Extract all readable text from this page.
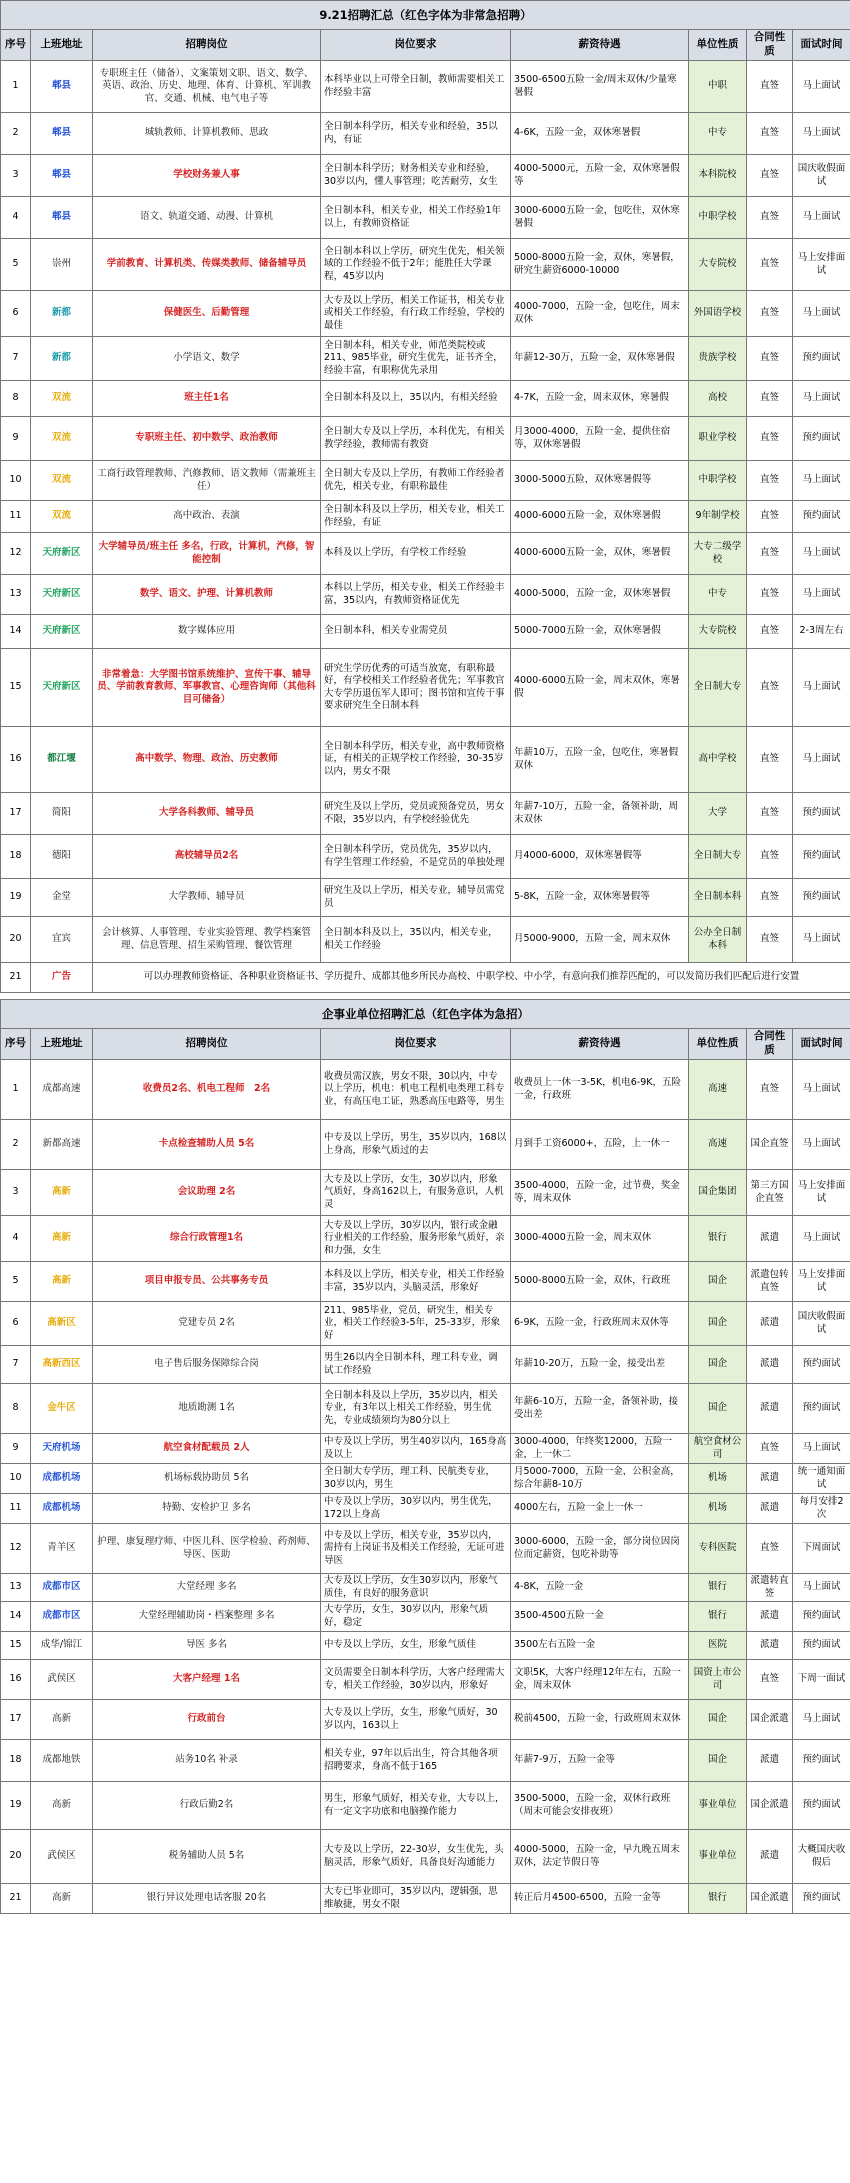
9.21招聘汇总（红色字体为非常急招聘）							
序号	上班地址	招聘岗位	岗位要求	薪资待遇	单位性质	合同性质	面试时间
1	郫县	专职班主任（储备）、文案策划文职、语文、数学、英语、政治、历史、地理、体育、计算机、军训教官、交通、机械、电气电子等	本科毕业以上可带全日制，教师需要相关工作经验丰富	3500-6500五险一金/周末双休/少量寒暑假	中职	直签	马上面试
2	郫县	城轨教师、计算机教师、思政	全日制本科学历，相关专业和经验，35以内，有证	4-6K，五险一金，双休寒暑假	中专	直签	马上面试
3	郫县	学校财务兼人事	全日制本科学历；财务相关专业和经验，30岁以内，懂人事管理；吃苦耐劳，女生	4000-5000元，五险一金，双休寒暑假等	本科院校	直签	国庆收假面试
4	郫县	语文、轨道交通、动漫、计算机	全日制本科，相关专业，相关工作经验1年以上，有教师资格证	3000-6000五险一金，包吃住，双休寒暑假	中职学校	直签	马上面试
5	崇州	学前教育、计算机类、传媒类教师、储备辅导员	全日制本科以上学历，研究生优先，相关领域的工作经验不低于2年；能胜任大学课程，45岁以内	5000-8000五险一金，双休，寒暑假，研究生薪资6000-10000	大专院校	直签	马上安排面试
6	新都	保健医生、后勤管理	大专及以上学历，相关工作证书，相关专业或相关工作经验，有行政工作经验，学校的最佳	4000-7000，五险一金，包吃住，周末双休	外国语学校	直签	马上面试
7	新都	小学语文、数学	全日制本科，相关专业，师范类院校或211、985毕业，研究生优先，证书齐全，经验丰富，有职称优先录用	年薪12-30万，五险一金，双休寒暑假	贵族学校	直签	预约面试
8	双流	班主任1名	全日制本科及以上，35以内，有相关经验	4-7K，五险一金，周末双休，寒暑假	高校	直签	马上面试
9	双流	专职班主任、初中数学、政治教师	全日制大专及以上学历，本科优先，有相关教学经验，教师需有教资	月3000-4000，五险一金，提供住宿等，双休寒暑假	职业学校	直签	预约面试
10	双流	工商行政管理教师、汽修教师、语文教师（需兼班主任）	全日制大专及以上学历，有教师工作经验者优先，相关专业，有职称最佳	3000-5000五险，双休寒暑假等	中职学校	直签	马上面试
11	双流	高中政治、表演	全日制本科及以上学历，相关专业，相关工作经验，有证	4000-6000五险一金，双休寒暑假	9年制学校	直签	预约面试
12	天府新区	大学辅导员/班主任 多名，行政，计算机，汽修，智能控制	本科及以上学历，有学校工作经验	4000-6000五险一金，双休，寒暑假	大专二级学校	直签	马上面试
13	天府新区	数学、语文、护理、计算机教师	本科以上学历，相关专业，相关工作经验丰富，35以内，有教师资格证优先	4000-5000，五险一金，双休寒暑假	中专	直签	马上面试
14	天府新区	数字媒体应用	全日制本科，相关专业需党员	5000-7000五险一金，双休寒暑假	大专院校	直签	2-3周左右
15	天府新区	非常着急：大学图书馆系统维护、宣传干事、辅导员、学前教育教师、军事教官、心理咨询师（其他科目可储备）	研究生学历优秀的可适当放宽，有职称最好，有学校相关工作经验者优先；军事教官大专学历退伍军人即可；图书馆和宣传干事要求研究生全日制本科	4000-6000五险一金，周末双休，寒暑假	全日制大专	直签	马上面试
16	都江堰	高中数学、物理、政治、历史教师	全日制本科学历，相关专业，高中教师资格证，有相关的正规学校工作经验，30-35岁以内，男女不限	年薪10万，五险一金，包吃住，寒暑假双休	高中学校	直签	马上面试
17	简阳	大学各科教师、辅导员	研究生及以上学历，党员或预备党员，男女不限，35岁以内，有学校经验优先	年薪7-10万，五险一金，备领补助，周末双休	大学	直签	预约面试
18	德阳	高校辅导员2名	全日制本科学历，党员优先，35岁以内，有学生管理工作经验，不是党员的单独处理	月4000-6000，双休寒暑假等	全日制大专	直签	预约面试
19	金堂	大学教师、辅导员	研究生及以上学历，相关专业，辅导员需党员	5-8K，五险一金，双休寒暑假等	全日制本科	直签	预约面试
20	宜宾	会计核算、人事管理、专业实验管理、教学档案管理、信息管理、招生采购管理、餐饮管理	全日制本科及以上，35以内，相关专业，相关工作经验	月5000-9000，五险一金，周末双休	公办全日制本科	直签	马上面试
21	广告	可以办理教师资格证、各种职业资格证书、学历提升、成都其他乡所民办高校、中职学校、中小学，有意向我们推荐匹配的，可以发简历我们匹配后进行安置					

企事业单位招聘汇总（红色字体为急招）							
序号	上班地址	招聘岗位	岗位要求	薪资待遇	单位性质	合同性质	面试时间
1	成都高速	收费员2名、机电工程师　2名	收费员需汉族，男女不限，30以内，中专以上学历，机电：机电工程机电类理工科专业，有高压电工证，熟悉高压电路等，男生	收费员上一休一3-5K，机电6-9K，五险一金，行政班	高速	直签	马上面试
2	新都高速	卡点检查辅助人员 5名	中专及以上学历，男生，35岁以内，168以上身高，形象气质过的去	月到手工资6000+，五险，上一休一	高速	国企直签	马上面试
3	高新	会议助理 2名	大专及以上学历，女生，30岁以内，形象气质好，身高162以上，有服务意识，人机灵	3500-4000，五险一金，过节费，奖金等，周末双休	国企集团	第三方国企直签	马上安排面试
4	高新	综合行政管理1名	大专及以上学历，30岁以内，银行或金融行业相关的工作经验，服务形象气质好，亲和力强，女生	3000-4000五险一金，周末双休	银行	派遣	马上面试
5	高新	项目申报专员、公共事务专员	本科及以上学历，相关专业，相关工作经验丰富，35岁以内，头脑灵活，形象好	5000-8000五险一金，双休，行政班	国企	派遣包转直签	马上安排面试
6	高新区	党建专员 2名	211、985毕业，党员，研究生，相关专业，相关工作经验3-5年，25-33岁，形象好	6-9K，五险一金，行政班周末双休等	国企	派遣	国庆收假面试
7	高新西区	电子售后服务保障综合岗	男生26以内全日制本科，理工科专业，调试工作经验	年薪10-20万，五险一金，接受出差	国企	派遣	预约面试
8	金牛区	地质勘测 1名	全日制本科及以上学历，35岁以内，相关专业，有3年以上相关工作经验，男生优先，专业成绩须均为80分以上	年薪6-10万，五险一金，备领补助，接受出差	国企	派遣	预约面试
9	天府机场	航空食材配载员 2人	中专及以上学历，男生40岁以内，165身高及以上	3000-4000，年终奖12000，五险一金，上一休二	航空食材公司	直签	马上面试
10	成都机场	机场标载协助员 5名	全日制大专学历，理工科、民航类专业，30岁以内，男生	月5000-7000，五险一金，公积金高，综合年薪8-10万	机场	派遣	统一通知面试
11	成都机场	特勤、安检护卫 多名	中专及以上学历，30岁以内，男生优先，172以上身高	4000左右，五险一金上一休一	机场	派遣	每月安排2次
12	青羊区	护理、康复理疗师、中医儿科、医学检验、药剂师、导医、医助	中专及以上学历，相关专业，35岁以内，需持有上岗证书及相关工作经验，无证可进导医	3000-6000，五险一金，部分岗位因岗位而定薪资，包吃补助等	专科医院	直签	下周面试
13	成都市区	大堂经理 多名	大专及以上学历，女生30岁以内，形象气质佳，有良好的服务意识	4-8K，五险一金	银行	派遣转直签	马上面试
14	成都市区	大堂经理辅助岗・档案整理 多名	大专学历，女生，30岁以内，形象气质好，稳定	3500-4500五险一金	银行	派遣	预约面试
15	成华/锦江	导医 多名	中专及以上学历，女生，形象气质佳	3500左右五险一金	医院	派遣	预约面试
16	武侯区	大客户经理 1名	文员需要全日制本科学历，大客户经理需大专，相关工作经验，30岁以内，形象好	文职5K，大客户经理12年左右，五险一金，周末双休	国资上市公司	直签	下周一面试
17	高新	行政前台	大专及以上学历，女生，形象气质好，30岁以内，163以上	税前4500，五险一金，行政班周末双休	国企	国企派遣	马上面试
18	成都地铁	站务10名 补录	相关专业，97年以后出生，符合其他各项招聘要求，身高不低于165	年薪7-9万，五险一金等	国企	派遣	预约面试
19	高新	行政后勤2名	男生，形象气质好，相关专业，大专以上，有一定文字功底和电脑操作能力	3500-5000，五险一金，双休行政班（周末可能会安排夜班）	事业单位	国企派遣	预约面试
20	武侯区	税务辅助人员 5名	大专及以上学历，22-30岁，女生优先，头脑灵活，形象气质好，具备良好沟通能力	4000-5000，五险一金，早九晚五周末双休，法定节假日等	事业单位	派遣	大概国庆收假后
21	高新	银行异议处理电话客服 20名	大专已毕业即可，35岁以内，逻辑强，思维敏捷，男女不限	转正后月4500-6500，五险一金等	银行	国企派遣	预约面试
